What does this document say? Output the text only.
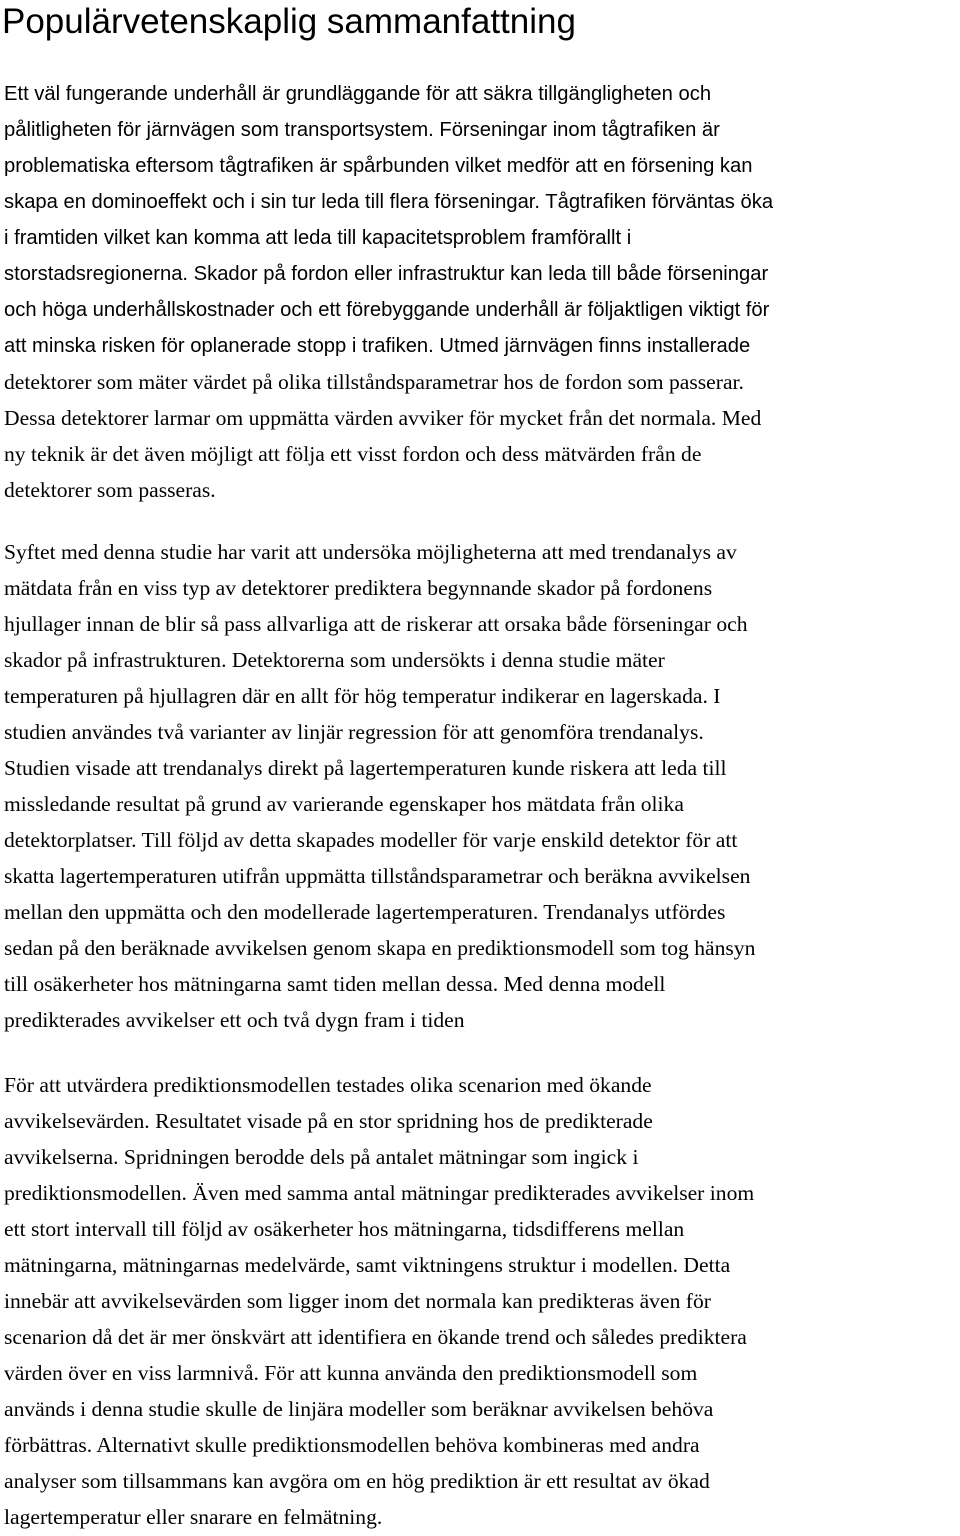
Populärvetenskaplig sammanfattning
Ett väl fungerande underhåll är grundläggande för att säkra tillgängligheten och
pålitligheten för järnvägen som transportsystem. Förseningar inom tågtrafiken är
problematiska eftersom tågtrafiken är spårbunden vilket medför att en försening kan
skapa en dominoeffekt och i sin tur leda till flera förseningar. Tågtrafiken förväntas öka
i framtiden vilket kan komma att leda till kapacitetsproblem framförallt i
storstadsregionerna. Skador på fordon eller infrastruktur kan leda till både förseningar
och höga underhållskostnader och ett förebyggande underhåll är följaktligen viktigt för
att minska risken för oplanerade stopp i trafiken. Utmed järnvägen finns installerade
detektorer som mäter värdet på olika tillståndsparametrar hos de fordon som passerar.
Dessa detektorer larmar om uppmätta värden avviker för mycket från det normala. Med
ny teknik är det även möjligt att följa ett visst fordon och dess mätvärden från de
detektorer som passeras.
Syftet med denna studie har varit att undersöka möjligheterna att med trendanalys av
mätdata från en viss typ av detektorer prediktera begynnande skador på fordonens
hjullager innan de blir så pass allvarliga att de riskerar att orsaka både förseningar och
skador på infrastrukturen. Detektorerna som undersökts i denna studie mäter
temperaturen på hjullagren där en allt för hög temperatur indikerar en lagerskada. I
studien användes två varianter av linjär regression för att genomföra trendanalys.
Studien visade att trendanalys direkt på lagertemperaturen kunde riskera att leda till
missledande resultat på grund av varierande egenskaper hos mätdata från olika
detektorplatser. Till följd av detta skapades modeller för varje enskild detektor för att
skatta lagertemperaturen utifrån uppmätta tillståndsparametrar och beräkna avvikelsen
mellan den uppmätta och den modellerade lagertemperaturen. Trendanalys utfördes
sedan på den beräknade avvikelsen genom skapa en prediktionsmodell som tog hänsyn
till osäkerheter hos mätningarna samt tiden mellan dessa. Med denna modell
predikterades avvikelser ett och två dygn fram i tiden
För att utvärdera prediktionsmodellen testades olika scenarion med ökande
avvikelsevärden. Resultatet visade på en stor spridning hos de predikterade
avvikelserna. Spridningen berodde dels på antalet mätningar som ingick i
prediktionsmodellen. Även med samma antal mätningar predikterades avvikelser inom
ett stort intervall till följd av osäkerheter hos mätningarna, tidsdifferens mellan
mätningarna, mätningarnas medelvärde, samt viktningens struktur i modellen. Detta
innebär att avvikelsevärden som ligger inom det normala kan predikteras även för
scenarion då det är mer önskvärt att identifiera en ökande trend och således prediktera
värden över en viss larmnivå. För att kunna använda den prediktionsmodell som
används i denna studie skulle de linjära modeller som beräknar avvikelsen behöva
förbättras. Alternativt skulle prediktionsmodellen behöva kombineras med andra
analyser som tillsammans kan avgöra om en hög prediktion är ett resultat av ökad
lagertemperatur eller snarare en felmätning.
